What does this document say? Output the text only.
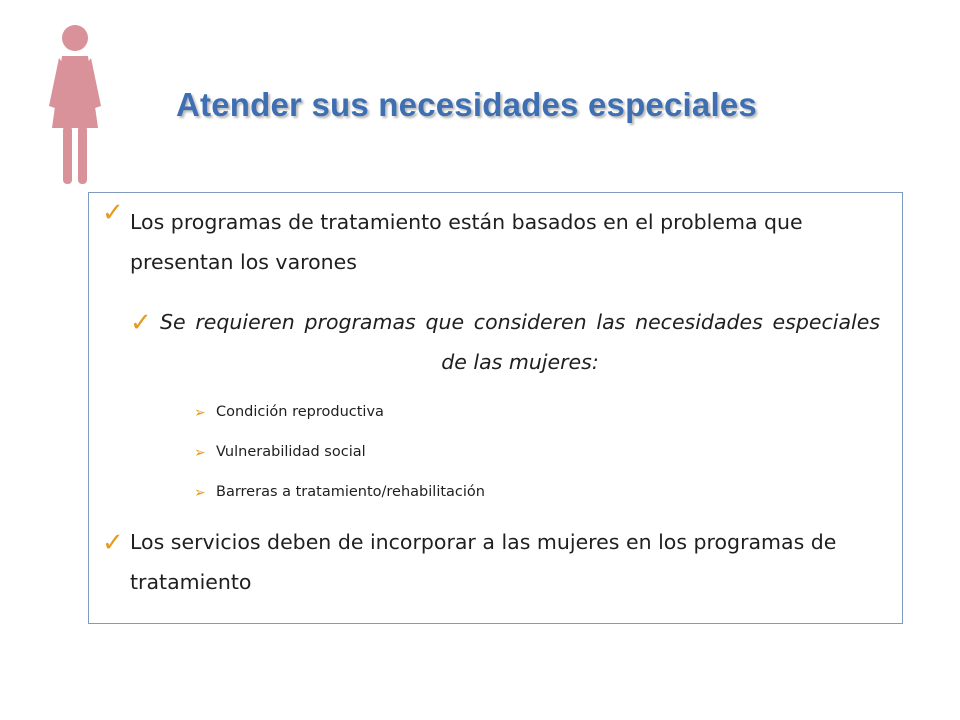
Atender sus necesidades especiales
✓ Los programas de tratamiento están basados en el problema que presentan los varones
✓ Se requieren programas que consideren las necesidades especiales de las mujeres:
➢ Condición reproductiva
➢ Vulnerabilidad social
➢ Barreras a tratamiento/rehabilitación
✓ Los servicios deben de incorporar a las mujeres en los programas de tratamiento
